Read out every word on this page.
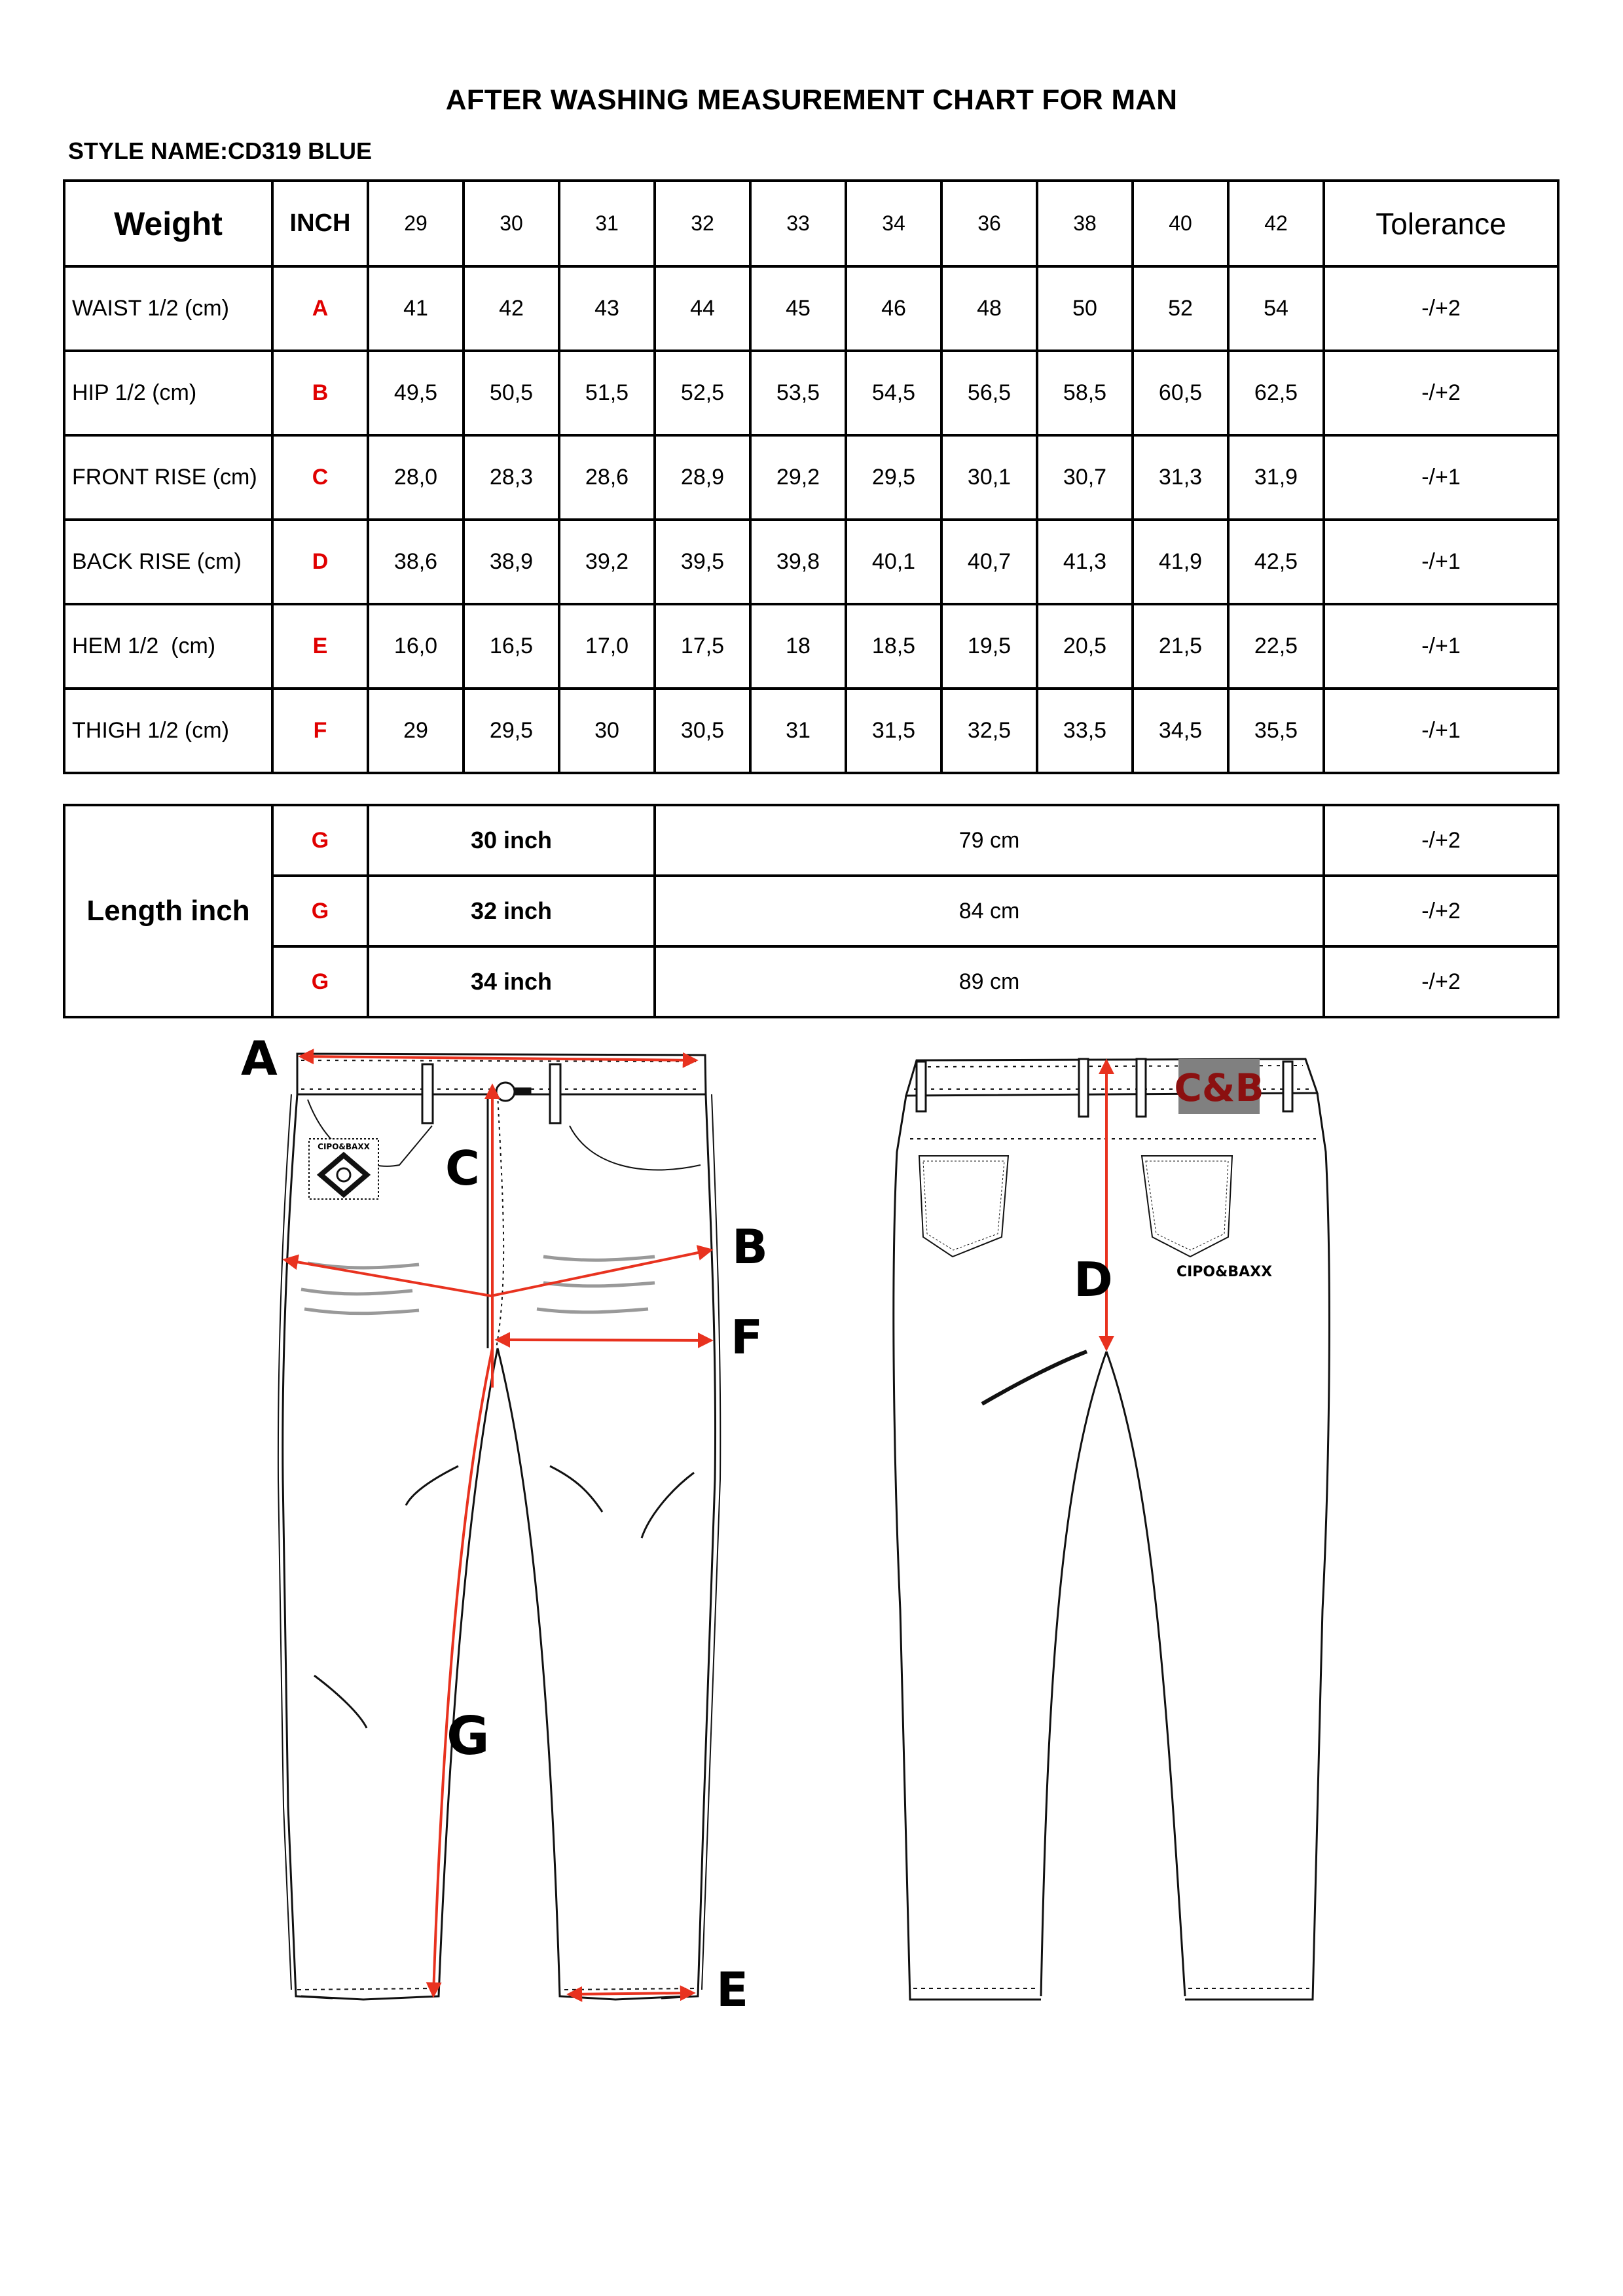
AFTER WASHING MEASUREMENT CHART FOR MAN
STYLE NAME:CD319 BLUE
Weight	INCH	29	30	31	32	33	34	36	38	40	42	Tolerance
WAIST 1/2 (cm)	A	41	42	43	44	45	46	48	50	52	54	-/+2
HIP 1/2 (cm)	B	49,5	50,5	51,5	52,5	53,5	54,5	56,5	58,5	60,5	62,5	-/+2
FRONT RISE (cm)	C	28,0	28,3	28,6	28,9	29,2	29,5	30,1	30,7	31,3	31,9	-/+1
BACK RISE (cm)	D	38,6	38,9	39,2	39,5	39,8	40,1	40,7	41,3	41,9	42,5	-/+1
HEM 1/2  (cm)	E	16,0	16,5	17,0	17,5	18	18,5	19,5	20,5	21,5	22,5	-/+1
THIGH 1/2 (cm)	F	29	29,5	30	30,5	31	31,5	32,5	33,5	34,5	35,5	-/+1
Length inch	G	30 inch	79 cm	-/+2
	G	32 inch	84 cm	-/+2
	G	34 inch	89 cm	-/+2
CIPO&BAXX
A
B
C
E
F
G
C&B
CIPO&BAXX
D
